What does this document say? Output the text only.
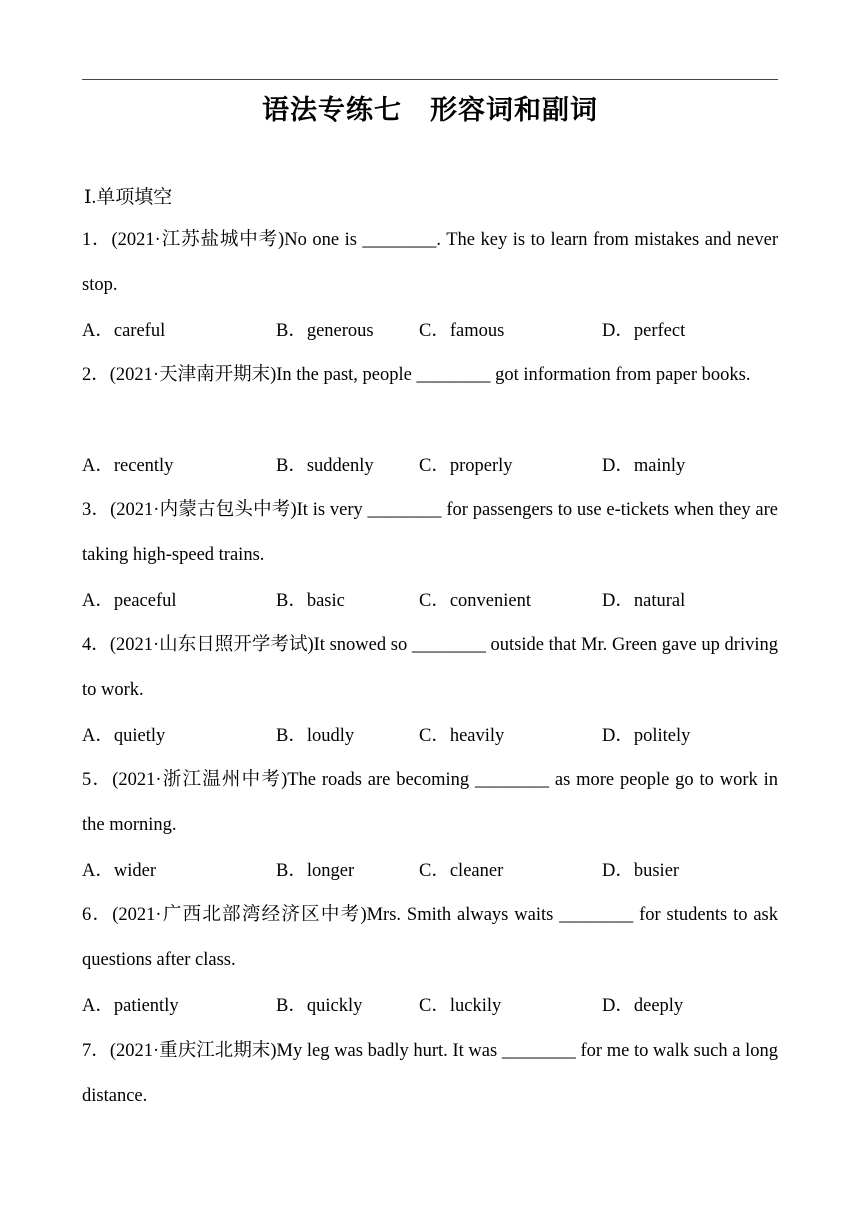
语法专练七　形容词和副词
Ⅰ.单项填空
1．(2021·江苏盐城中考)No one is ________. The key is to learn from mistakes and never stop.
A．careful	B．generous C．famous	D．perfect
2．(2021·天津南开期末)In the past, people ________ got information from paper books.
A．recently	B．suddenly C．properly	D．mainly
3．(2021·内蒙古包头中考)It is very ________ for passengers to use e-tickets when they are taking high-speed trains.
A．peaceful	B．basic	C．convenient	D．natural
4．(2021·山东日照开学考试)It snowed so ________ outside that Mr. Green gave up driving to work.
A．quietly	B．loudly	C．heavily	D．politely
5．(2021·浙江温州中考)The roads are becoming ________ as more people go to work in the morning.
A．wider	B．longer	C．cleaner	D．busier
6．(2021·广西北部湾经济区中考)Mrs. Smith always waits ________ for students to ask questions after class.
A．patiently	B．quickly	C．luckily	D．deeply
7．(2021·重庆江北期末)My leg was badly hurt. It was ________ for me to walk such a long distance.
